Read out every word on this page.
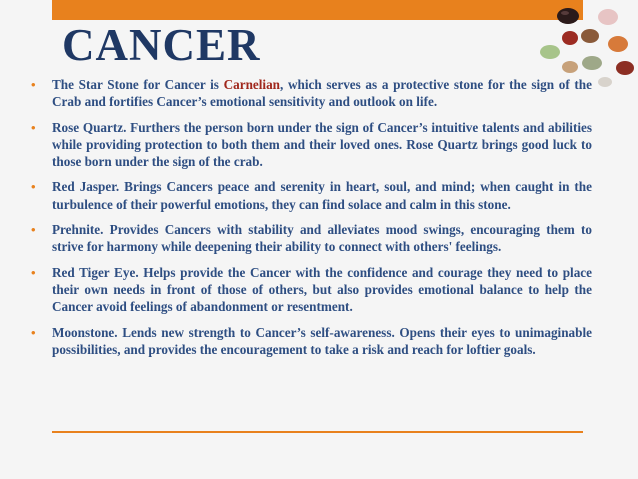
CANCER
• The Star Stone for Cancer is Carnelian, which serves as a protective stone for the sign of the Crab and fortifies Cancer’s emotional sensitivity and outlook on life.
• Rose Quartz. Furthers the person born under the sign of Cancer’s intuitive talents and abilities while providing protection to both them and their loved ones. Rose Quartz brings good luck to those born under the sign of the crab.
• Red Jasper. Brings Cancers peace and serenity in heart, soul, and mind; when caught in the turbulence of their powerful emotions, they can find solace and calm in this stone.
• Prehnite. Provides Cancers with stability and alleviates mood swings, encouraging them to strive for harmony while deepening their ability to connect with others' feelings.
• Red Tiger Eye. Helps provide the Cancer with the confidence and courage they need to place their own needs in front of those of others, but also provides emotional balance to help the Cancer avoid feelings of abandonment or resentment.
• Moonstone. Lends new strength to Cancer’s self-awareness. Opens their eyes to unimaginable possibilities, and provides the encouragement to take a risk and reach for loftier goals.
